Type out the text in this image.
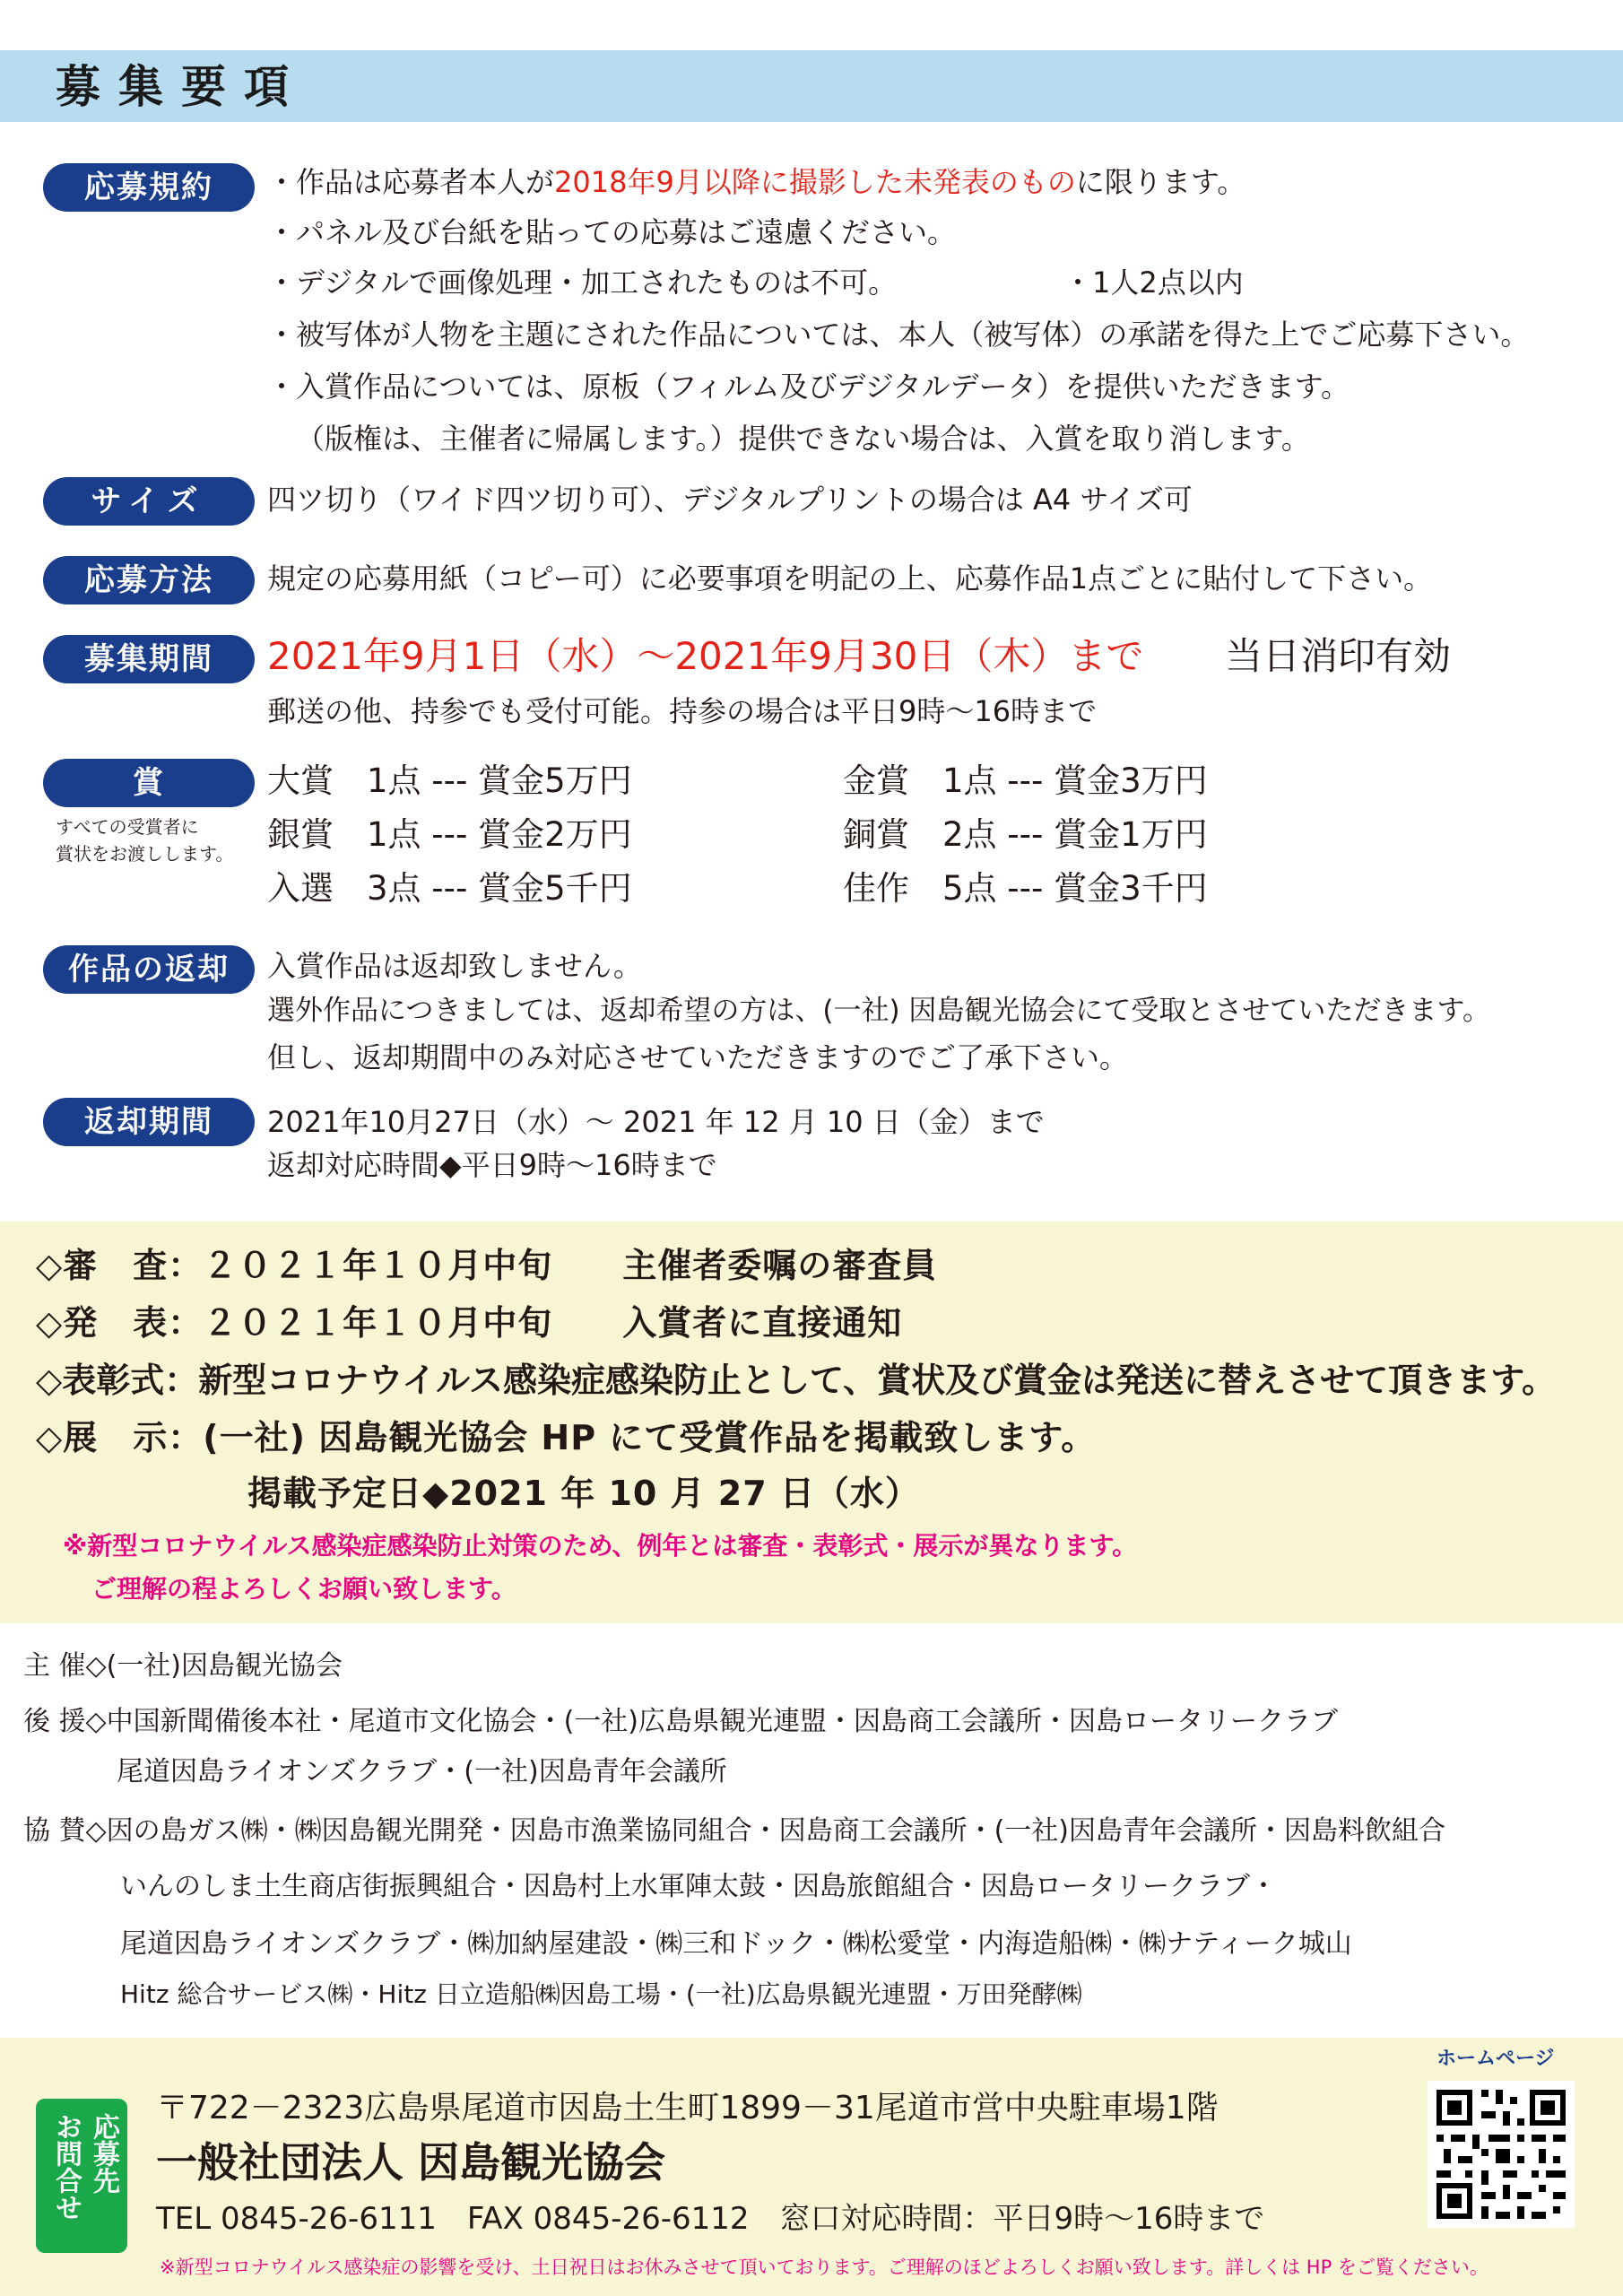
募集要項
応募規約	・作品は応募者本人が2018年9月以降に撮影した未発表のものに限ります。
・パネル及び台紙を貼っての応募はご遠慮ください。
・デジタルで画像処理・加工されたものは不可。	・1人2点以内
・被写体が人物を主題にされた作品については、本人（被写体）の承諾を得た上でご応募下さい。
・入賞作品については、原板（フィルム及びデジタルデータ）を提供いただきます。
（版権は、主催者に帰属します。）提供できない場合は、入賞を取り消します。
サイズ	四ツ切り（ワイド四ツ切り可）、デジタルプリントの場合は A4 サイズ可
応募方法	規定の応募用紙（コピー可）に必要事項を明記の上、応募作品1点ごとに貼付して下さい。
募集期間	2021年9月1日（水）～2021年9月30日（木）まで 当日消印有効
郵送の他、持参でも受付可能。持参の場合は平日9時～16時まで
賞
すべての受賞者に
賞状をお渡しします。
大賞　1点 --- 賞金5万円	金賞　1点 --- 賞金3万円
銀賞　1点 --- 賞金2万円	銅賞　2点 --- 賞金1万円
入選　3点 --- 賞金5千円	佳作　5点 --- 賞金3千円
作品の返却	入賞作品は返却致しません。
選外作品につきましては、返却希望の方は、(一社) 因島観光協会にて受取とさせていただきます。
但し、返却期間中のみ対応させていただきますのでご了承下さい。
返却期間	2021年10月27日（水）～ 2021 年 12 月 10 日（金）まで
返却対応時間◆平日9時～16時まで
◇審　査：２０２１年１０月中旬　　主催者委嘱の審査員
◇発　表：２０２１年１０月中旬　　入賞者に直接通知
◇表彰式：新型コロナウイルス感染症感染防止として、賞状及び賞金は発送に替えさせて頂きます。
◇展　示：(一社) 因島観光協会 HP にて受賞作品を掲載致します。
掲載予定日◆2021 年 10 月 27 日（水）
※新型コロナウイルス感染症感染防止対策のため、例年とは審査・表彰式・展示が異なります。
ご理解の程よろしくお願い致します。
主 催◇(一社)因島観光協会
後 援◇中国新聞備後本社・尾道市文化協会・(一社)広島県観光連盟・因島商工会議所・因島ロータリークラブ
尾道因島ライオンズクラブ・(一社)因島青年会議所
協 賛◇因の島ガス㈱・㈱因島観光開発・因島市漁業協同組合・因島商工会議所・(一社)因島青年会議所・因島料飲組合
いんのしま土生商店街振興組合・因島村上水軍陣太鼓・因島旅館組合・因島ロータリークラブ・
尾道因島ライオンズクラブ・㈱加納屋建設・㈱三和ドック・㈱松愛堂・内海造船㈱・㈱ナティーク城山
Hitz 総合サービス㈱・Hitz 日立造船㈱因島工場・(一社)広島県観光連盟・万田発酵㈱
応募先
お問合せ
〒722－2323広島県尾道市因島土生町1899－31尾道市営中央駐車場1階
一般社団法人 因島観光協会
TEL 0845-26-6111　FAX 0845-26-6112　窓口対応時間：平日9時～16時まで
※新型コロナウイルス感染症の影響を受け、土日祝日はお休みさせて頂いております。ご理解のほどよろしくお願い致します。詳しくは HP をご覧ください。
ホームページ
